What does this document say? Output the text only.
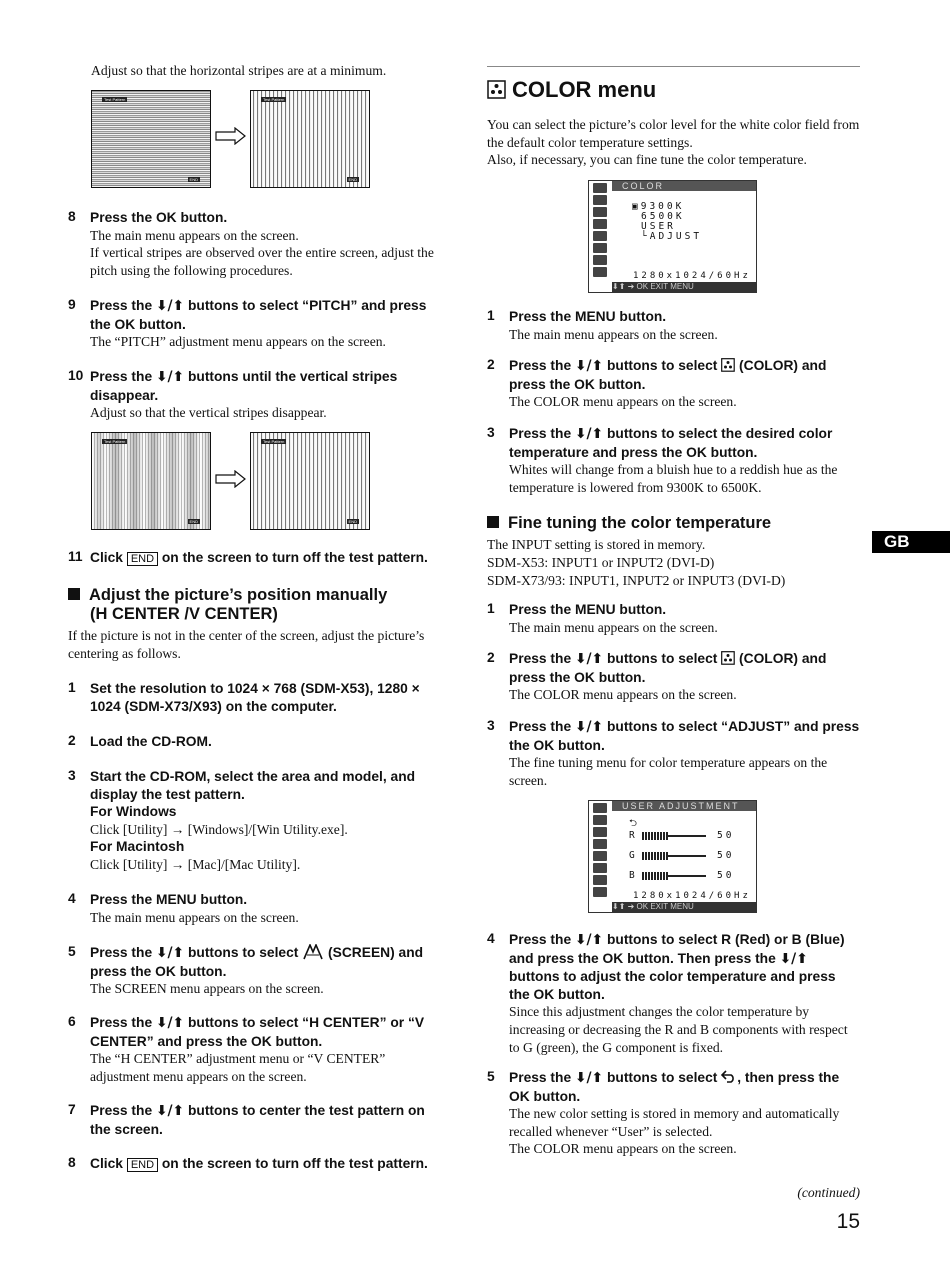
Adjust so that the horizontal stripes are at a minimum.
Test Pattern
END
Test Pattern
END
8 Press the OK button.
The main menu appears on the screen.
If vertical stripes are observed over the entire screen, adjust the pitch using the following procedures.
9 Press the ⬇/⬆ buttons to select “PITCH” and press the OK button.
The “PITCH” adjustment menu appears on the screen.
10 Press the ⬇/⬆ buttons until the vertical stripes disappear.
Adjust so that the vertical stripes disappear.
Test Pattern
END
Test Pattern
END
11 Click END on the screen to turn off the test pattern.
Adjust the picture’s position manually
(H CENTER /V CENTER)
If the picture is not in the center of the screen, adjust the picture’s centering as follows.
1 Set the resolution to 1024 × 768 (SDM-X53), 1280 × 1024 (SDM-X73/X93) on the computer.
2 Load the CD-ROM.
3 Start the CD-ROM, select the area and model, and display the test pattern.
For Windows
Click [Utility] → [Windows]/[Win Utility.exe].
For Macintosh
Click [Utility] → [Mac]/[Mac Utility].
4 Press the MENU button.
The main menu appears on the screen.
5 Press the ⬇/⬆ buttons to select  (SCREEN) and press the OK button.
The SCREEN menu appears on the screen.
6 Press the ⬇/⬆ buttons to select “H CENTER” or “V CENTER” and press the OK button.
The “H CENTER” adjustment menu or “V CENTER” adjustment menu appears on the screen.
7 Press the ⬇/⬆ buttons to center the test pattern on the screen.
8 Click END on the screen to turn off the test pattern.
COLOR menu
You can select the picture’s color level for the white color field from the default color temperature settings.
Also, if necessary, you can fine tune the color temperature.
COLOR
▣9300K
6500K
USER
└ADJUST
1280x1024/60Hz
⬇⬆ ➜ OK EXIT MENU
1 Press the MENU button.
The main menu appears on the screen.
2 Press the ⬇/⬆ buttons to select  (COLOR) and press the OK button.
The COLOR menu appears on the screen.
3 Press the ⬇/⬆ buttons to select the desired color temperature and press the OK button.
Whites will change from a bluish hue to a reddish hue as the temperature is lowered from 9300K to 6500K.
Fine tuning the color temperature
The INPUT setting is stored in memory.
SDM-X53: INPUT1 or INPUT2 (DVI-D)
SDM-X73/93: INPUT1, INPUT2 or INPUT3 (DVI-D)
1 Press the MENU button.
The main menu appears on the screen.
2 Press the ⬇/⬆ buttons to select  (COLOR) and press the OK button.
The COLOR menu appears on the screen.
3 Press the ⬇/⬆ buttons to select “ADJUST” and press the OK button.
The fine tuning menu for color temperature appears on the screen.
USER ADJUSTMENT
⮌
R	50
G	50
B	50
1280x1024/60Hz
⬇⬆ ➜ OK EXIT MENU
4 Press the ⬇/⬆ buttons to select R (Red) or B (Blue) and press the OK button. Then press the ⬇/⬆ buttons to adjust the color temperature and press the OK button.
Since this adjustment changes the color temperature by increasing or decreasing the R and B components with respect to G (green), the G component is fixed.
5 Press the ⬇/⬆ buttons to select , then press the OK button.
The new color setting is stored in memory and automatically recalled whenever “User” is selected.
The COLOR menu appears on the screen.
(continued)
15
GB
